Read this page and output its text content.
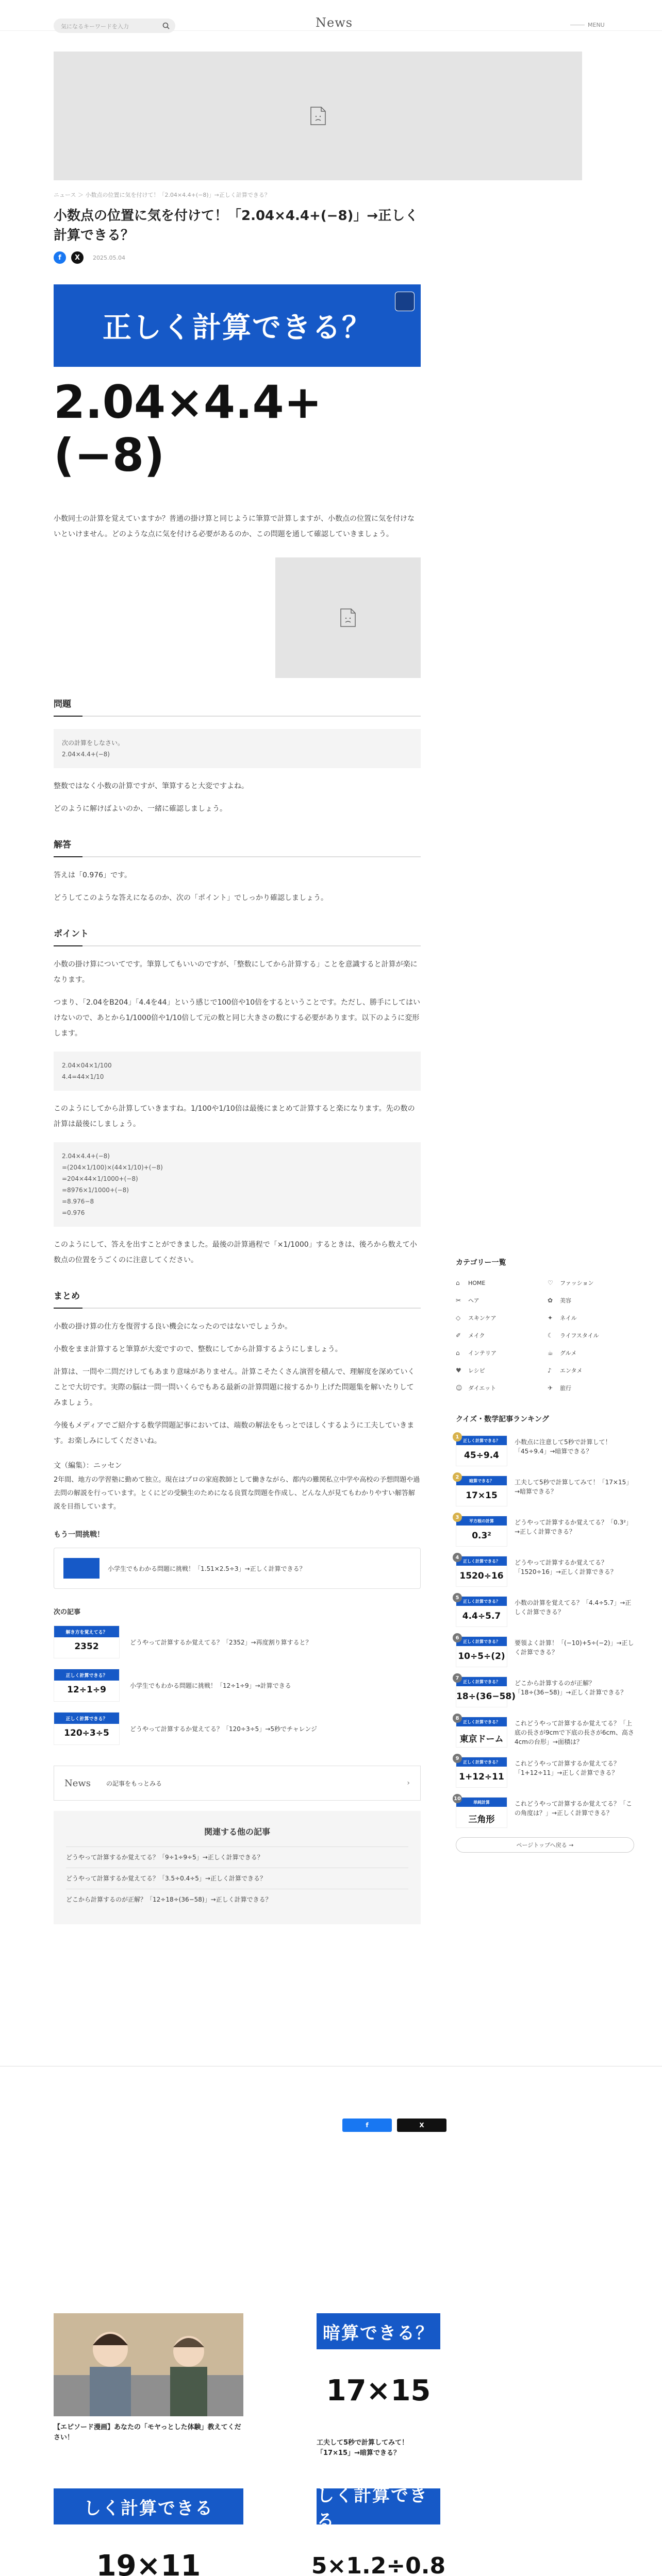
気になるキーワードを入力	News	MENU
ニュース ＞ 小数点の位置に気を付けて！「2.04×4.4+(−8)」→正しく計算できる？
小数点の位置に気を付けて！「2.04×4.4+(−8)」→正しく計算できる？
f	X	2025.05.04
正しく計算できる？
2.04×4.4+(−8)

小数同士の計算を覚えていますか？普通の掛け算と同じように筆算で計算しますが、小数点の位置に気を付けないといけません。どのような点に気を付ける必要があるのか、この問題を通して確認していきましょう。

問題
次の計算をしなさい。
2.04×4.4+(−8)

整数ではなく小数の計算ですが、筆算すると大変ですよね。

どのように解けばよいのか、一緒に確認しましょう。

解答

答えは「0.976」です。

どうしてこのような答えになるのか、次の「ポイント」でしっかり確認しましょう。

ポイント

小数の掛け算についてです。筆算してもいいのですが、「整数にしてから計算する」ことを意識すると計算が楽になります。

つまり、「2.04をB204」「4.4を44」という感じで100倍や10倍をするということです。ただし、勝手にしてはいけないので、あとから1/1000倍や1/10倍して元の数と同じ大きさの数にする必要があります。以下のように変形します。

2.04×04×1/100
4.4=44×1/10

このようにしてから計算していきますね。1/100や1/10倍は最後にまとめて計算すると楽になります。先の数の計算は最後にしましょう。

2.04×4.4+(−8)
=(204×1/100)×(44×1/10)+(−8)
=204×44×1/1000+(−8)
=8976×1/1000+(−8)
=8.976−8
=0.976

このようにして、答えを出すことができました。最後の計算過程で「×1/1000」するときは、後ろから数えて小数点の位置をうごくのに注意してください。

まとめ

小数の掛け算の仕方を復習する良い機会になったのではないでしょうか。

小数をまま計算すると筆算が大変ですので、整数にしてから計算するようにしましょう。

計算は、一問や二問だけしてもあまり意味がありません。計算こそたくさん演習を積んで、理解度を深めていくことで大切です。実際の脳は一問一問いくらでもある最新の計算問題に接するかり上げた問題集を解いたりしてみましょう。

今後もメディアでご紹介する数学問題記事においては、端数の解法をもっとでほしくするように工夫していきます。お楽しみにしてくださいね。

文（編集）：ニッセン

2年間、地方の学習塾に勤めて独立。現在はプロの家庭教師として働きながら、都内の難関私立中学や高校の予想問題や過去問の解説を行っています。とくにどの受験生のためになる良質な問題を作成し、どんな人が見てもわかりやすい解答解説を目指しています。

もう一問挑戦！
小学生でもわかる問題に挑戦！「1.51×2.5÷3」→正しく計算できる？
次の記事
解き方を覚えてる？
2352	どうやって計算するか覚えてる？「2352」→再度割り算すると？
正しく計算できる？
12÷1÷9	小学生でもわかる問題に挑戦！「12÷1÷9」→計算できる
正しく計算できる？
120÷3÷5	どうやって計算するか覚えてる？「120÷3÷5」→5秒でチャレンジ
News	の記事をもっとみる	›
関連する他の記事
どうやって計算するか覚えてる？「9÷1÷9÷5」→正しく計算できる？
どうやって計算するか覚えてる？「3.5÷0.4÷5」→正しく計算できる？
どこから計算するのが正解？「12÷18÷(36−58)」→正しく計算できる？
カテゴリー一覧
⌂	HOME	♡ ファッション
✂	ヘア	✿	美容
◇	スキンケア	✦	ネイル
✐	メイク	☾ ライフスタイル
⌂	インテリア	☕ グルメ
♥ レシピ	♪	エンタメ
☺ ダイエット	✈	旅行
クイズ・数学記事ランキング
1
正しく計算できる？
45÷9.4
小数点に注意して5秒で計算して！「45÷9.4」→暗算できる？
2
暗算できる？
17×15
工夫して5秒で計算してみて！「17×15」→暗算できる？
3
平方根の計算
0.3²
どうやって計算するか覚えてる？「0.3²」→正しく計算できる？
4
正しく計算できる？
1520÷16
どうやって計算するか覚えてる？「1520÷16」→正しく計算できる？
5
正しく計算できる？
4.4÷5.7
小数の計算を覚えてる？「4.4÷5.7」→正しく計算できる？
6
正しく計算できる？
10÷5÷(2)
要領よく計算！「(−10)+5÷(−2)」→正しく計算できる？
7
正しく計算できる？
18÷(36−58)
どこから計算するのが正解？「18÷(36−58)」→正しく計算できる？
8
正しく計算できる？
東京ドーム
これどうやって計算するか覚えてる？「上底の長さが9cmで下底の長さが6cm、高さ4cmの台形」→面積は？
9
正しく計算できる？
1+12÷11
これどうやって計算するか覚えてる？「1+12÷11」→正しく計算できる？
10
単純計算
三角形
これどうやって計算するか覚えてる？「この角度は？」→正しく計算できる？
ページトップへ戻る →
f	X
【エピソード漫画】あなたの「モヤっとした体験」教えてください！
暗算できる？
17×15
工夫して5秒で計算してみて！「17×15」→暗算できる？
しく計算できる
19×11
しく計算できる
5×1.2÷0.8
